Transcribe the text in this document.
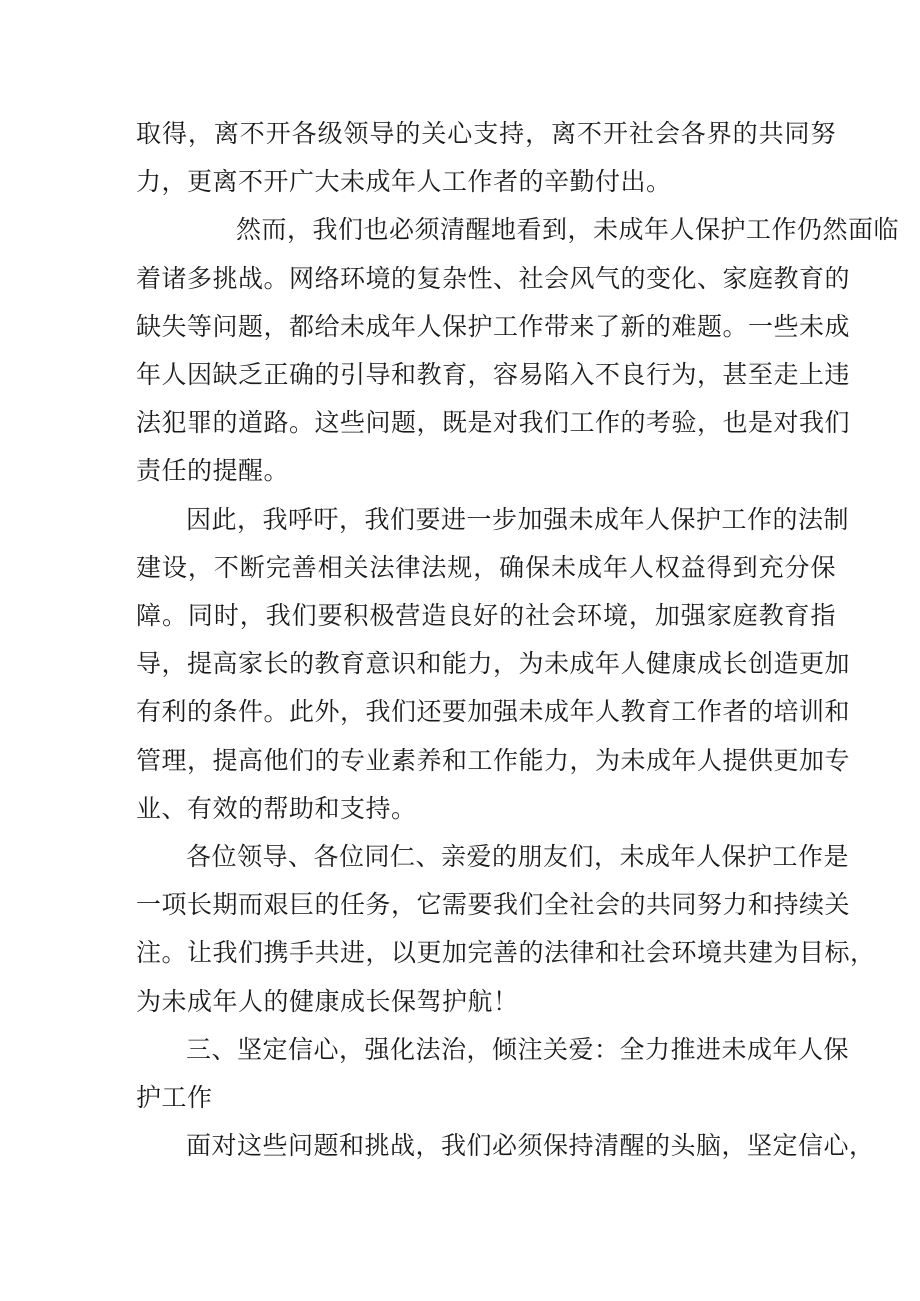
取得，离不开各级领导的关心支持，离不开社会各界的共同努
力，更离不开广大未成年人工作者的辛勤付出。

然而，我们也必须清醒地看到，未成年人保护工作仍然面临
着诸多挑战。网络环境的复杂性、社会风气的变化、家庭教育的
缺失等问题，都给未成年人保护工作带来了新的难题。一些未成
年人因缺乏正确的引导和教育，容易陷入不良行为，甚至走上违
法犯罪的道路。这些问题，既是对我们工作的考验，也是对我们
责任的提醒。

因此，我呼吁，我们要进一步加强未成年人保护工作的法制
建设，不断完善相关法律法规，确保未成年人权益得到充分保
障。同时，我们要积极营造良好的社会环境，加强家庭教育指
导，提高家长的教育意识和能力，为未成年人健康成长创造更加
有利的条件。此外，我们还要加强未成年人教育工作者的培训和
管理，提高他们的专业素养和工作能力，为未成年人提供更加专
业、有效的帮助和支持。

各位领导、各位同仁、亲爱的朋友们，未成年人保护工作是
一项长期而艰巨的任务，它需要我们全社会的共同努力和持续关
注。让我们携手共进，以更加完善的法律和社会环境共建为目标，
为未成年人的健康成长保驾护航！

三、坚定信心，强化法治，倾注关爱：全力推进未成年人保
护工作

面对这些问题和挑战，我们必须保持清醒的头脑，坚定信心，
